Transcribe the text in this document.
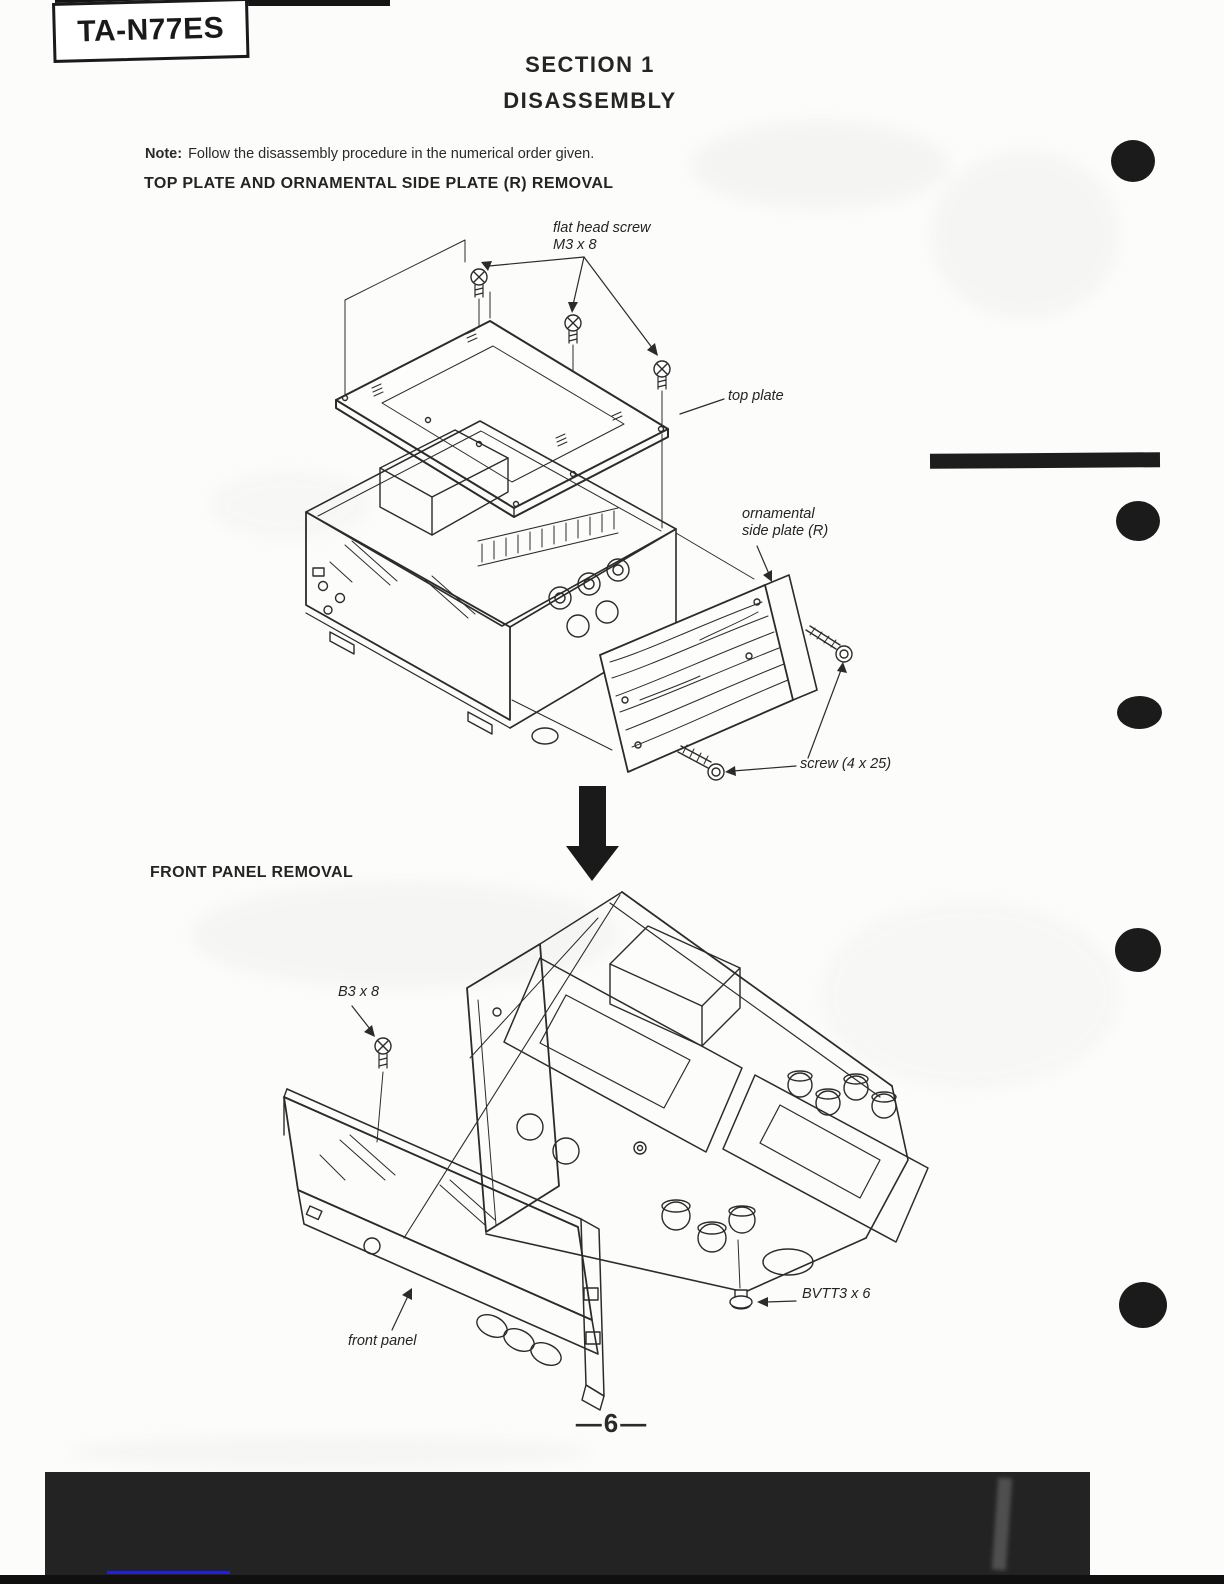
TA-N77ES
SECTION 1
DISASSEMBLY
Note: Follow the disassembly procedure in the numerical order given.
TOP PLATE AND ORNAMENTAL SIDE PLATE (R) REMOVAL
flat head screw
M3 x 8
top plate
ornamental
side plate (R)
screw (4 x 25)
FRONT PANEL REMOVAL
B3 x 8
BVTT3 x 6
front panel
—6—
